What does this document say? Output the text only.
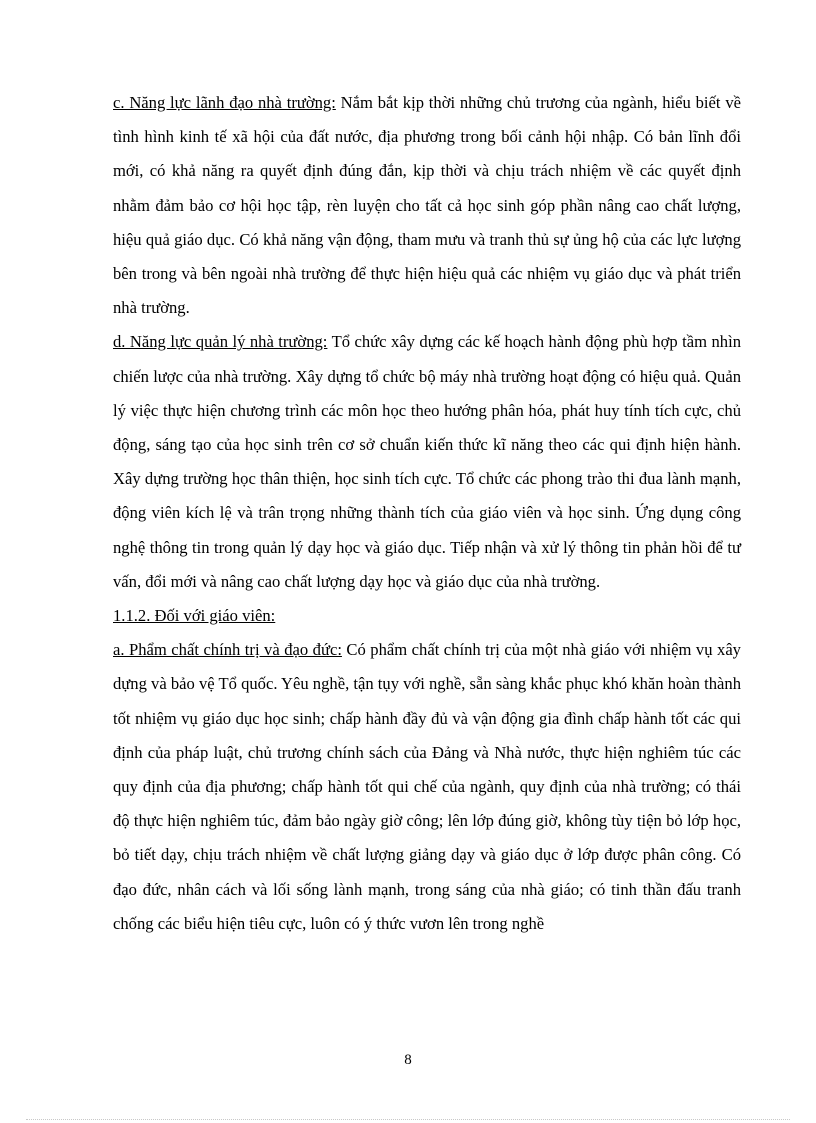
c. Năng lực lãnh đạo nhà trường: Nắm bắt kịp thời những chủ trương của ngành, hiểu biết về tình hình kinh tế xã hội của đất nước, địa phương trong bối cảnh hội nhập. Có bản lĩnh đổi mới, có khả năng ra quyết định đúng đắn, kịp thời và chịu trách nhiệm về các quyết định nhằm đảm bảo cơ hội học tập, rèn luyện cho tất cả học sinh góp phần nâng cao chất lượng, hiệu quả giáo dục. Có khả năng vận động, tham mưu và tranh thủ sự ủng hộ của các lực lượng bên trong và bên ngoài nhà trường để thực hiện hiệu quả các nhiệm vụ giáo dục và phát triển nhà trường.

d. Năng lực quản lý nhà trường: Tổ chức xây dựng các kế hoạch hành động phù hợp tầm nhìn chiến lược của nhà trường. Xây dựng tổ chức bộ máy nhà trường hoạt động có hiệu quả. Quản lý việc thực hiện chương trình các môn học theo hướng phân hóa, phát huy tính tích cực, chủ động, sáng tạo của học sinh trên cơ sở chuẩn kiến thức kĩ năng theo các qui định hiện hành. Xây dựng trường học thân thiện, học sinh tích cực. Tổ chức các phong trào thi đua lành mạnh, động viên kích lệ và trân trọng những thành tích của giáo viên và học sinh. Ứng dụng công nghệ thông tin trong quản lý dạy học và giáo dục. Tiếp nhận và xử lý thông tin phản hồi để tư vấn, đổi mới và nâng cao chất lượng dạy học và giáo dục của nhà trường.

1.1.2. Đối với giáo viên:

a. Phẩm chất chính trị và đạo đức: Có phẩm chất chính trị của một nhà giáo với nhiệm vụ xây dựng và bảo vệ Tổ quốc. Yêu nghề, tận tụy với nghề, sẵn sàng khắc phục khó khăn hoàn thành tốt nhiệm vụ giáo dục học sinh; chấp hành đầy đủ và vận động gia đình chấp hành tốt các qui định của pháp luật, chủ trương chính sách của Đảng và Nhà nước, thực hiện nghiêm túc các quy định của địa phương; chấp hành tốt qui chế của ngành, quy định của nhà trường; có thái độ thực hiện nghiêm túc, đảm bảo ngày giờ công; lên lớp đúng giờ, không tùy tiện bỏ lớp học, bỏ tiết dạy, chịu trách nhiệm về chất lượng giảng dạy và giáo dục ở lớp được phân công. Có đạo đức, nhân cách và lối sống lành mạnh, trong sáng của nhà giáo; có tinh thần đấu tranh chống các biểu hiện tiêu cực, luôn có ý thức vươn lên trong nghề

8
